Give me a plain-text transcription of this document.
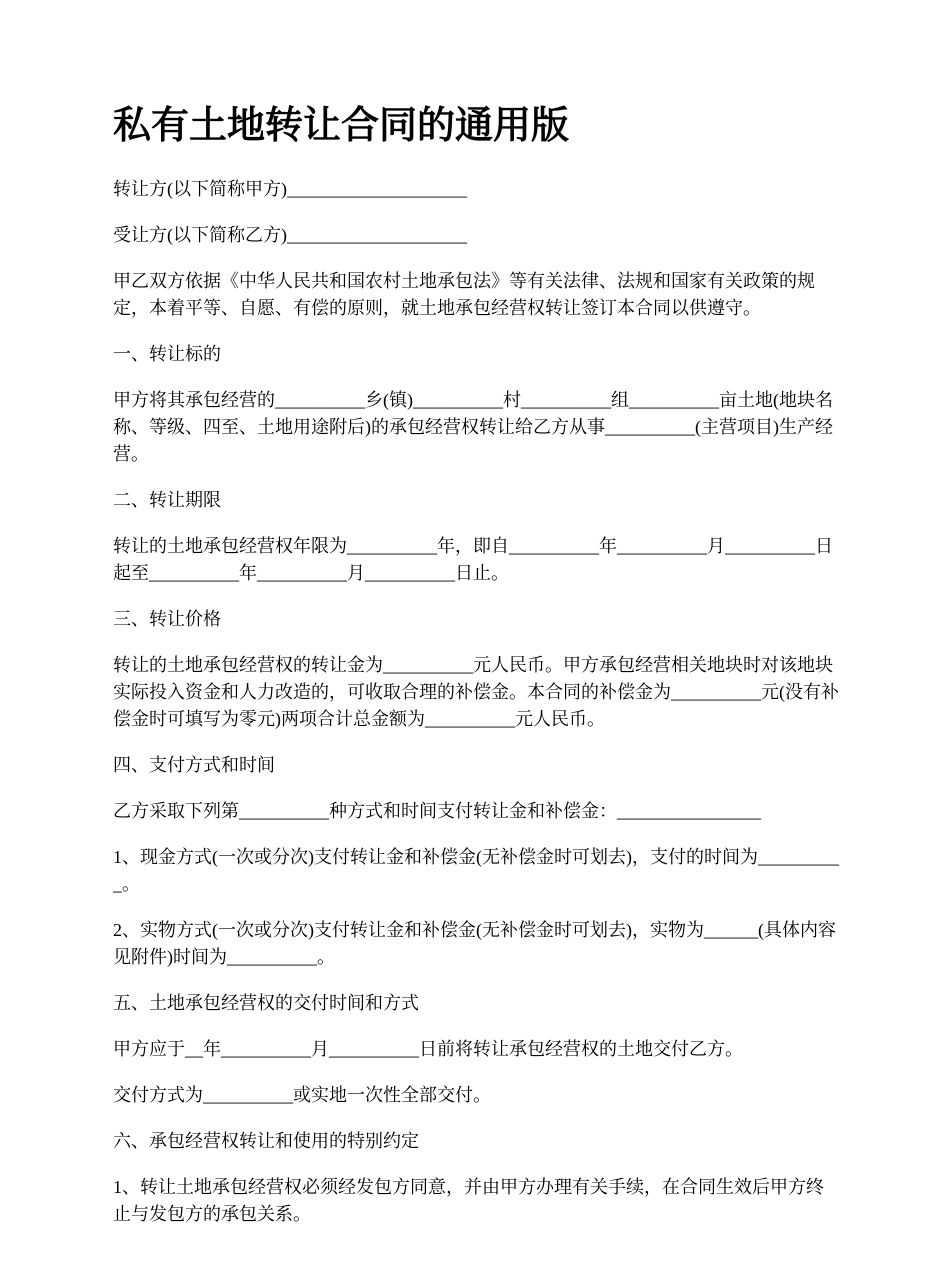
私有土地转让合同的通用版

转让方(以下简称甲方)____________________

受让方(以下简称乙方)____________________

甲乙双方依据《中华人民共和国农村土地承包法》等有关法律、法规和国家有关政策的规定，本着平等、自愿、有偿的原则，就土地承包经营权转让签订本合同以供遵守。

一、转让标的

甲方将其承包经营的__________乡(镇)__________村__________组__________亩土地(地块名称、等级、四至、土地用途附后)的承包经营权转让给乙方从事__________(主营项目)生产经营。

二、转让期限

转让的土地承包经营权年限为__________年，即自__________年__________月__________日起至__________年__________月__________日止。

三、转让价格

转让的土地承包经营权的转让金为__________元人民币。甲方承包经营相关地块时对该地块实际投入资金和人力改造的，可收取合理的补偿金。本合同的补偿金为__________元(没有补偿金时可填写为零元)两项合计总金额为__________元人民币。

四、支付方式和时间

乙方采取下列第__________种方式和时间支付转让金和补偿金：________________

1、现金方式(一次或分次)支付转让金和补偿金(无补偿金时可划去)，支付的时间为__________。

2、实物方式(一次或分次)支付转让金和补偿金(无补偿金时可划去)，实物为______(具体内容见附件)时间为__________。

五、土地承包经营权的交付时间和方式

甲方应于__年__________月__________日前将转让承包经营权的土地交付乙方。

交付方式为__________或实地一次性全部交付。

六、承包经营权转让和使用的特别约定

1、转让土地承包经营权必须经发包方同意，并由甲方办理有关手续，在合同生效后甲方终止与发包方的承包关系。
